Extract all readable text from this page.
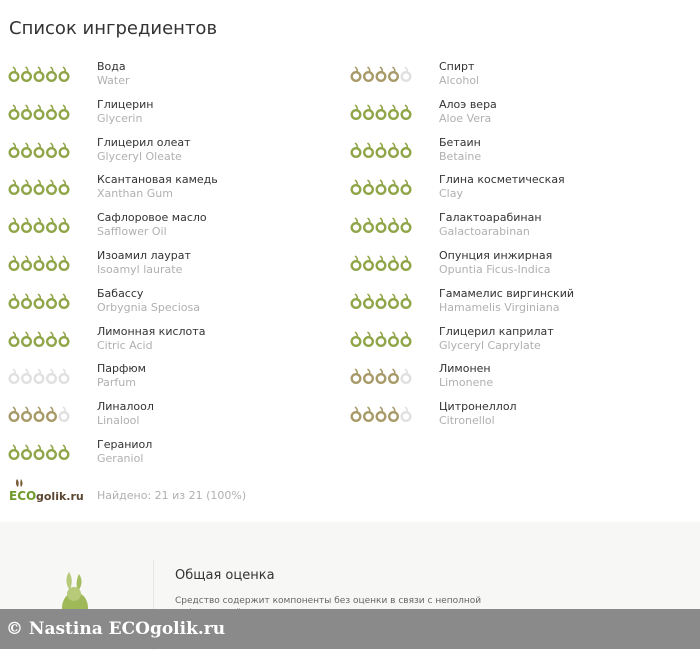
Список ингредиентов
Вода
Water
Глицерин
Glycerin
Глицерил олеат
Glyceryl Oleate
Ксантановая камедь
Xanthan Gum
Сафлоровое масло
Safflower Oil
Изоамил лаурат
Isoamyl laurate
Бабассу
Orbygnia Speciosa
Лимонная кислота
Citric Acid
Парфюм
Parfum
Линалоол
Linalool
Гераниол
Geraniol
Спирт
Alcohol
Алоэ вера
Aloe Vera
Бетаин
Betaine
Глина косметическая
Clay
Галактоарабинан
Galactoarabinan
Опунция инжирная
Opuntia Ficus-Indica
Гамамелис виргинский
Hamamelis Virginiana
Глицерил каприлат
Glyceryl Caprylate
Лимонен
Limonene
Цитронеллол
Citronellol
ECO golik.ru Найдено: 21 из 21 (100%)
Общая оценка
Средство содержит компоненты без оценки в связи с неполной
© Nastina ECOgolik.ru
